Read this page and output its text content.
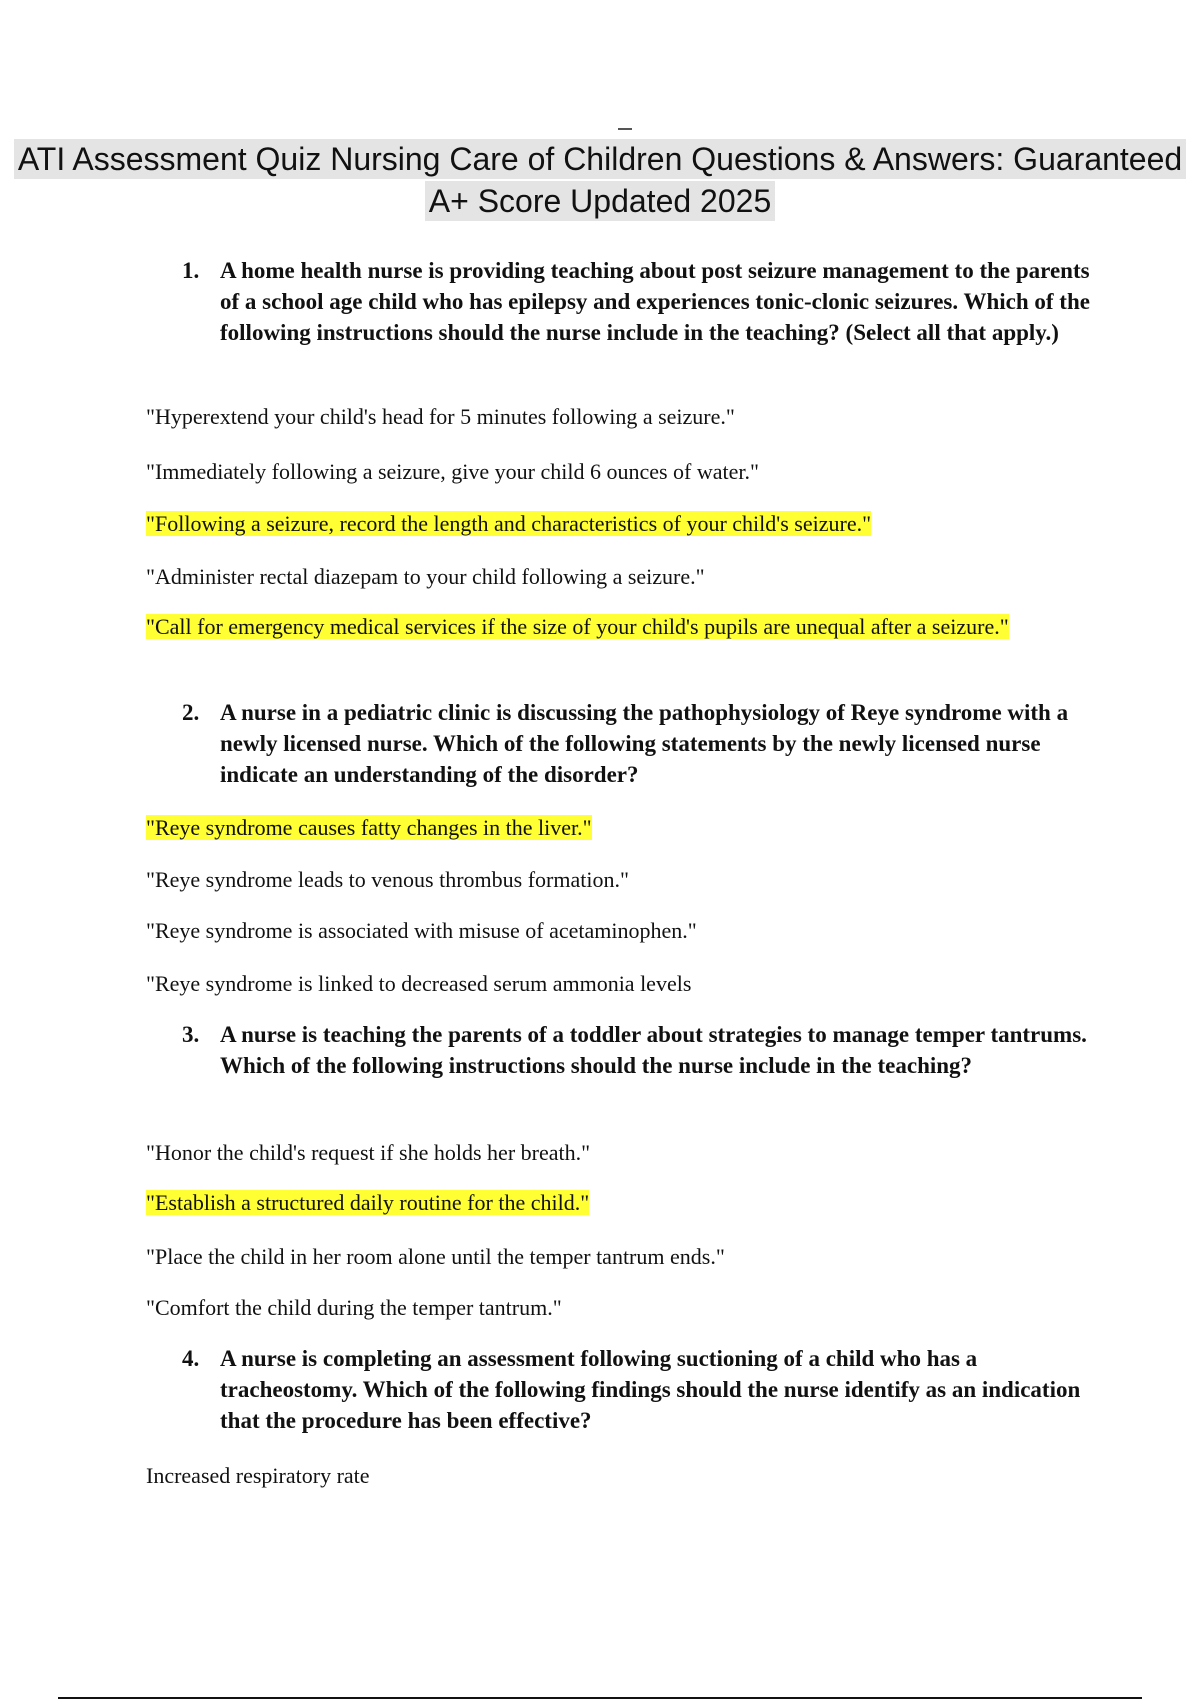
ATI Assessment Quiz Nursing Care of Children Questions & Answers: Guaranteed A+ Score Updated 2025
1. A home health nurse is providing teaching about post seizure management to the parents of a school age child who has epilepsy and experiences tonic-clonic seizures. Which of the following instructions should the nurse include in the teaching? (Select all that apply.)
"Hyperextend your child's head for 5 minutes following a seizure."
"Immediately following a seizure, give your child 6 ounces of water."
"Following a seizure, record the length and characteristics of your child's seizure."
"Administer rectal diazepam to your child following a seizure."
"Call for emergency medical services if the size of your child's pupils are unequal after a seizure."
2. A nurse in a pediatric clinic is discussing the pathophysiology of Reye syndrome with a newly licensed nurse. Which of the following statements by the newly licensed nurse indicate an understanding of the disorder?
"Reye syndrome causes fatty changes in the liver."
"Reye syndrome leads to venous thrombus formation."
"Reye syndrome is associated with misuse of acetaminophen."
"Reye syndrome is linked to decreased serum ammonia levels
3. A nurse is teaching the parents of a toddler about strategies to manage temper tantrums. Which of the following instructions should the nurse include in the teaching?
"Honor the child's request if she holds her breath."
"Establish a structured daily routine for the child."
"Place the child in her room alone until the temper tantrum ends."
"Comfort the child during the temper tantrum."
4. A nurse is completing an assessment following suctioning of a child who has a tracheostomy. Which of the following findings should the nurse identify as an indication that the procedure has been effective?
Increased respiratory rate
